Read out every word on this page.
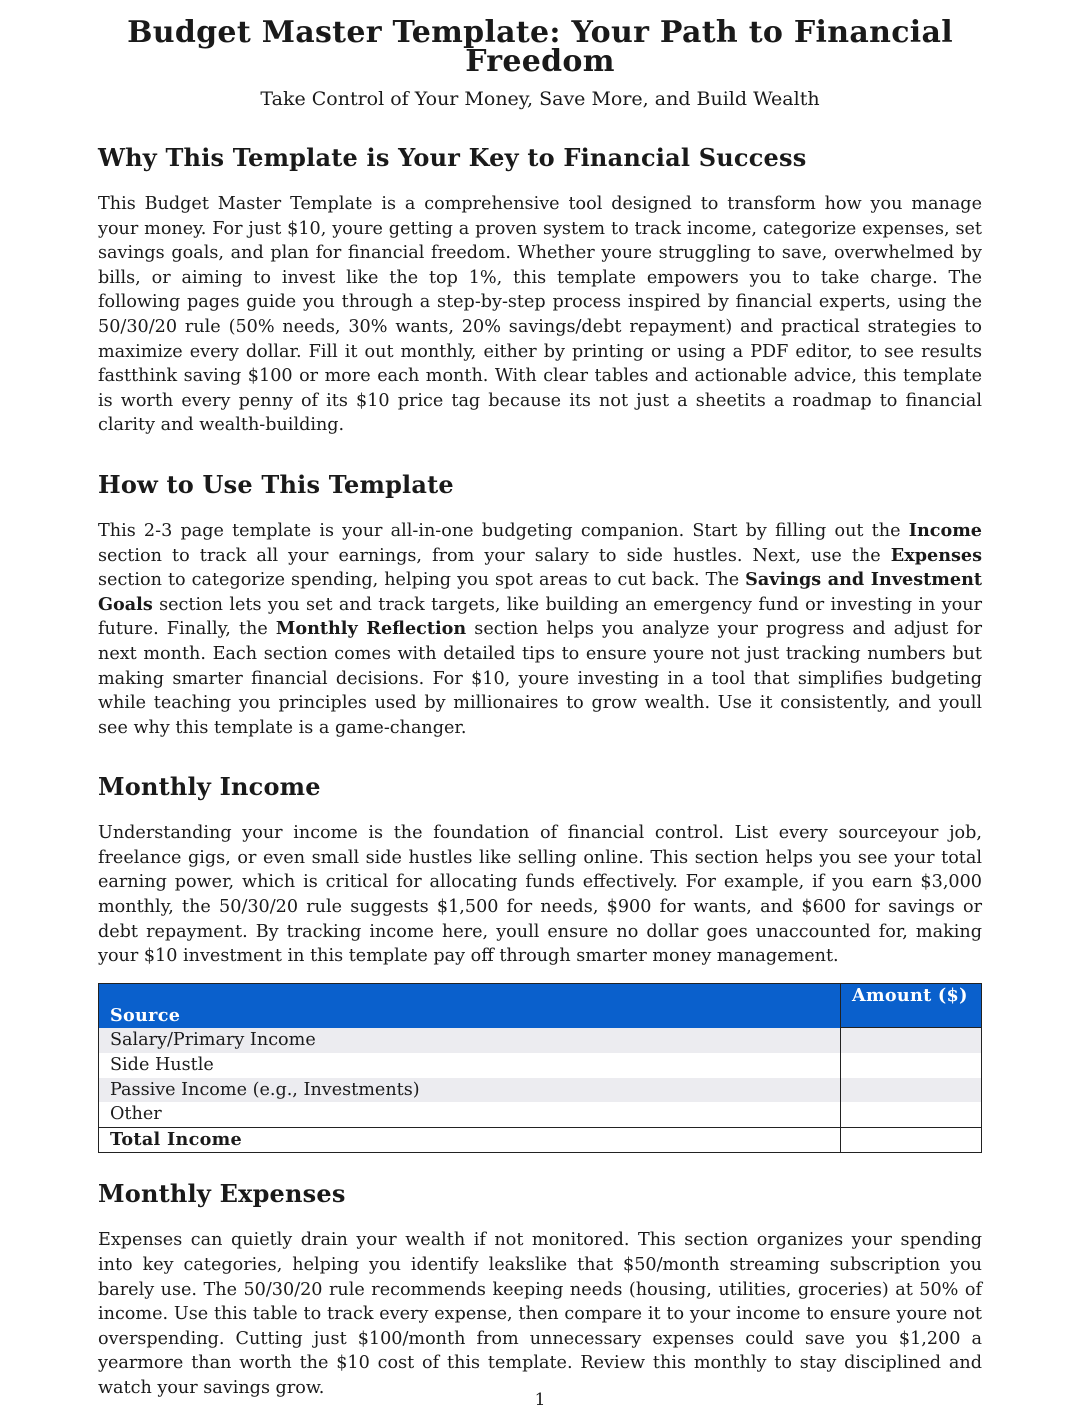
Budget Master Template: Your Path to Financial Freedom
Take Control of Your Money, Save More, and Build Wealth
Why This Template is Your Key to Financial Success

This Budget Master Template is a comprehensive tool designed to transform how you manage your money. For just $10, youre getting a proven system to track income, categorize expenses, set savings goals, and plan for financial freedom. Whether youre struggling to save, overwhelmed by bills, or aiming to invest like the top 1%, this template empowers you to take charge. The following pages guide you through a step-by-step process inspired by financial experts, using the 50/30/20 rule (50% needs, 30% wants, 20% savings/debt repayment) and practical strategies to maximize every dollar. Fill it out monthly, either by printing or using a PDF editor, to see results fastthink saving $100 or more each month. With clear tables and actionable advice, this template is worth every penny of its $10 price tag because its not just a sheetits a roadmap to financial clarity and wealth-building.

How to Use This Template

This 2-3 page template is your all-in-one budgeting companion. Start by filling out the Income section to track all your earnings, from your salary to side hustles. Next, use the Expenses section to categorize spending, helping you spot areas to cut back. The Savings and Investment Goals section lets you set and track targets, like building an emergency fund or investing in your future. Finally, the Monthly Reflection section helps you analyze your progress and adjust for next month. Each section comes with detailed tips to ensure youre not just tracking numbers but making smarter financial decisions. For $10, youre investing in a tool that simplifies budgeting while teaching you principles used by millionaires to grow wealth. Use it consistently, and youll see why this template is a game-changer.

Monthly Income

Understanding your income is the foundation of financial control. List every sourceyour job, freelance gigs, or even small side hustles like selling online. This section helps you see your total earning power, which is critical for allocating funds effectively. For example, if you earn $3,000 monthly, the 50/30/20 rule suggests $1,500 for needs, $900 for wants, and $600 for savings or debt repayment. By tracking income here, youll ensure no dollar goes unaccounted for, making your $10 investment in this template pay off through smarter money management.

Source	Amount ($)
Salary/Primary Income	
Side Hustle	
Passive Income (e.g., Investments)	
Other	
Total Income	
Monthly Expenses

Expenses can quietly drain your wealth if not monitored. This section organizes your spending into key categories, helping you identify leakslike that $50/month streaming subscription you barely use. The 50/30/20 rule recommends keeping needs (housing, utilities, groceries) at 50% of income. Use this table to track every expense, then compare it to your income to ensure youre not overspending. Cutting just $100/month from unnecessary expenses could save you $1,200 a yearmore than worth the $10 cost of this template. Review this monthly to stay disciplined and watch your savings grow.

1
